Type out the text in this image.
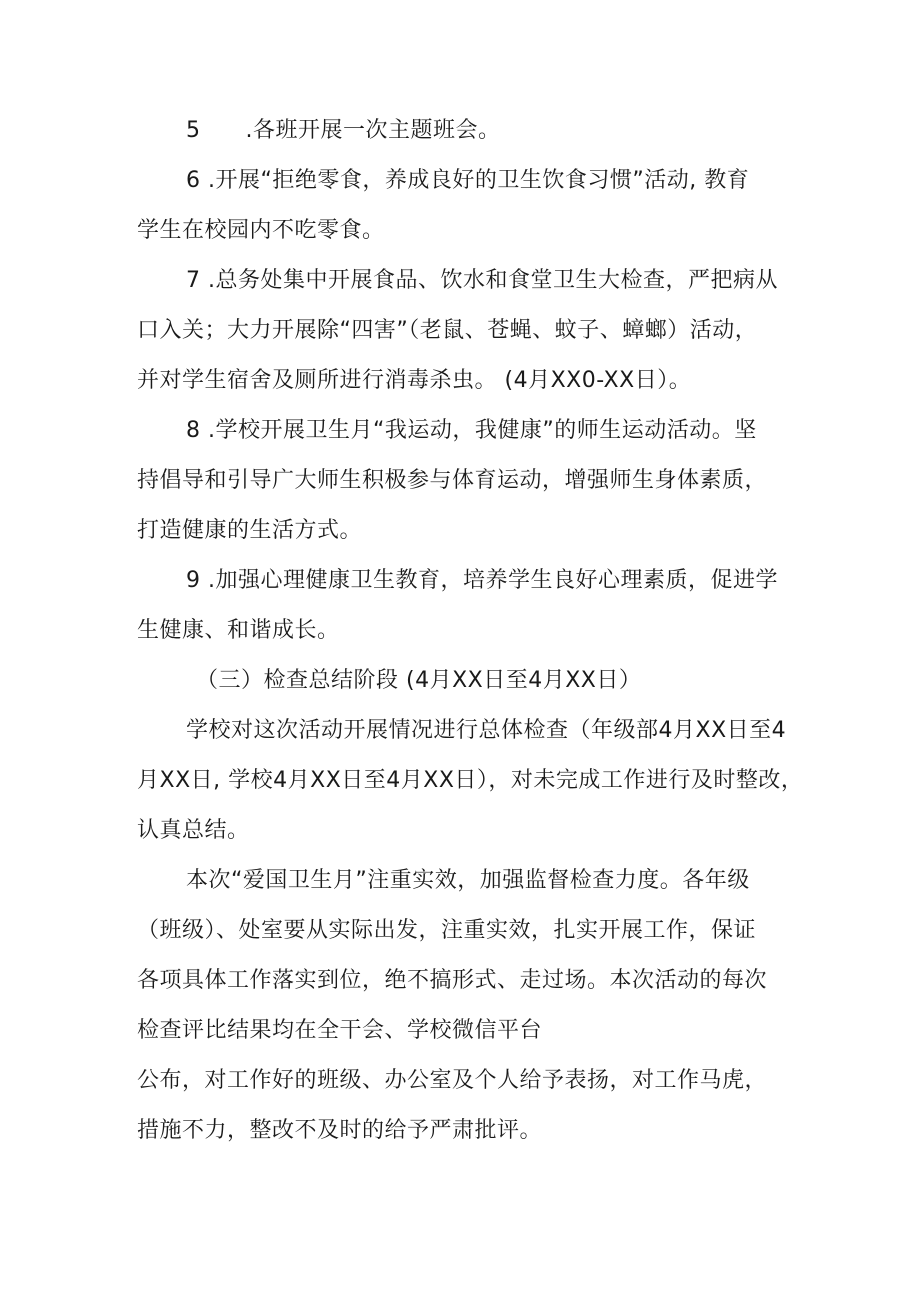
5  .各班开展一次主题班会。
6 .开展“拒绝零食，养成良好的卫生饮食习惯”活动, 教育
学生在校园内不吃零食。
7 .总务处集中开展食品、饮水和食堂卫生大检查，严把病从
口入关；大力开展除“四害”（老鼠、苍蝇、蚊子、蟑螂）活动，
并对学生宿舍及厕所进行消毒杀虫。 (4月XX0-XX日）。
8 .学校开展卫生月“我运动，我健康”的师生运动活动。坚
持倡导和引导广大师生积极参与体育运动，增强师生身体素质，
打造健康的生活方式。
9 .加强心理健康卫生教育，培养学生良好心理素质，促进学
生健康、和谐成长。
（三）检查总结阶段 (4月XX日至4月XX日）
学校对这次活动开展情况进行总体检查（年级部4月XX日至4
月XX日, 学校4月XX日至4月XX日），对未完成工作进行及时整改，
认真总结。
本次“爱国卫生月”注重实效，加强监督检查力度。各年级
（班级）、处室要从实际出发，注重实效，扎实开展工作，保证
各项具体工作落实到位，绝不搞形式、走过场。本次活动的每次
检查评比结果均在全干会、学校微信平台
公布，对工作好的班级、办公室及个人给予表扬，对工作马虎，
措施不力，整改不及时的给予严肃批评。
